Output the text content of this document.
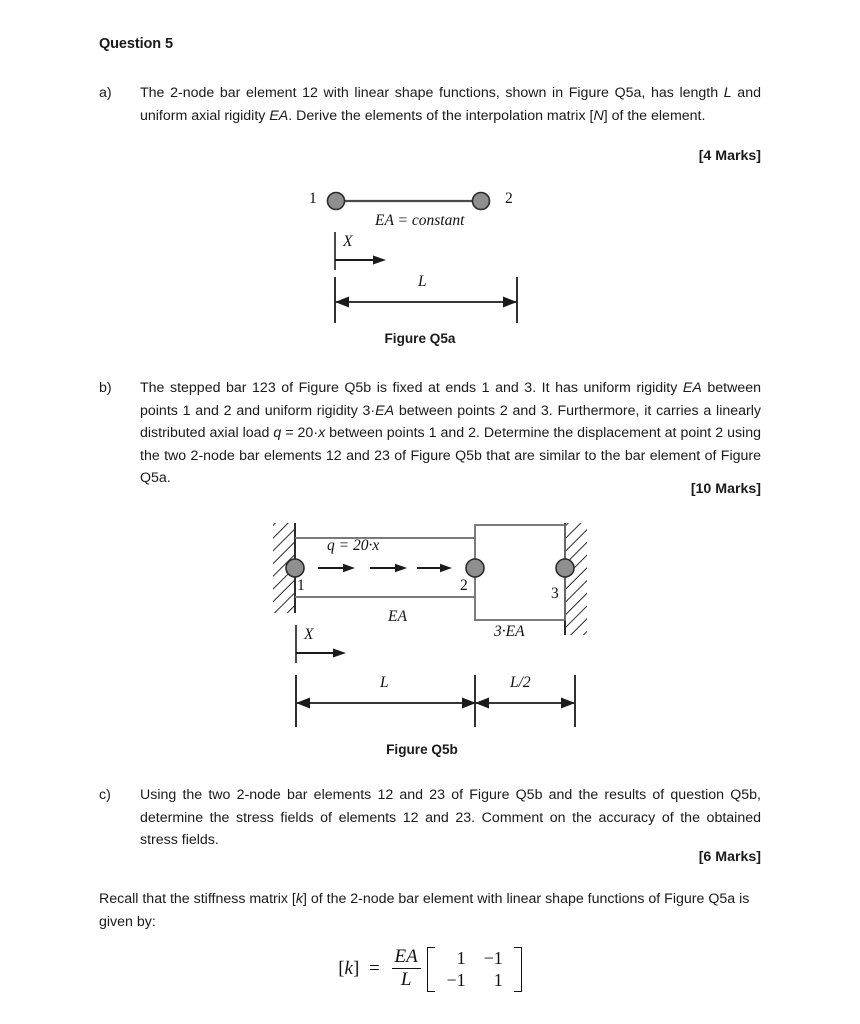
Question 5
a)	The 2-node bar element 12 with linear shape functions, shown in Figure Q5a, has length L and uniform axial rigidity EA. Derive the elements of the interpolation matrix [N] of the element.
[4 Marks]
1	2
EA = constant
X
L
Figure Q5a
b)	The stepped bar 123 of Figure Q5b is fixed at ends 1 and 3. It has uniform rigidity EA between points 1 and 2 and uniform rigidity 3·EA between points 2 and 3. Furthermore, it carries a linearly distributed axial load q = 20·x between points 1 and 2. Determine the displacement at point 2 using the two 2-node bar elements 12 and 23 of Figure Q5b that are similar to the bar element of Figure Q5a.
[10 Marks]
1	2	3
q = 20·x
EA
3·EA
X
L	L/2
Figure Q5b
c)	Using the two 2-node bar elements 12 and 23 of Figure Q5b and the results of question Q5b, determine the stress fields of elements 12 and 23. Comment on the accuracy of the obtained stress fields.
[6 Marks]
Recall that the stiffness matrix [k] of the 2-node bar element with linear shape functions of Figure Q5a is given by:
$[k] = \frac{EA}{L}$
1	−1
−1	1
